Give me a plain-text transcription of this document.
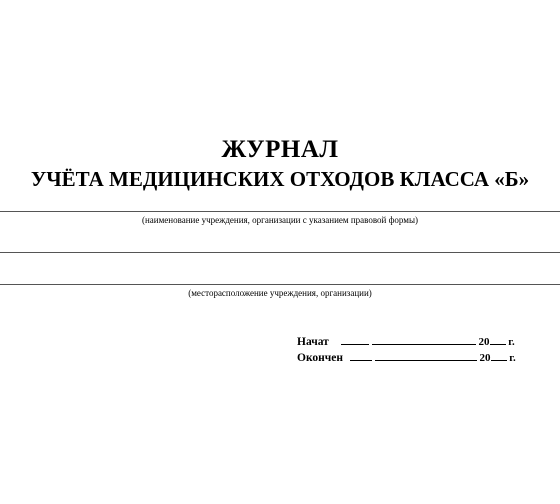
ЖУРНАЛ
УЧЁТА МЕДИЦИНСКИХ ОТХОДОВ КЛАССА «Б»
(наименование учреждения, организации с указанием правовой формы)
(месторасположение учреждения, организации)
Начат	20 г.
Окончен	20 г.
